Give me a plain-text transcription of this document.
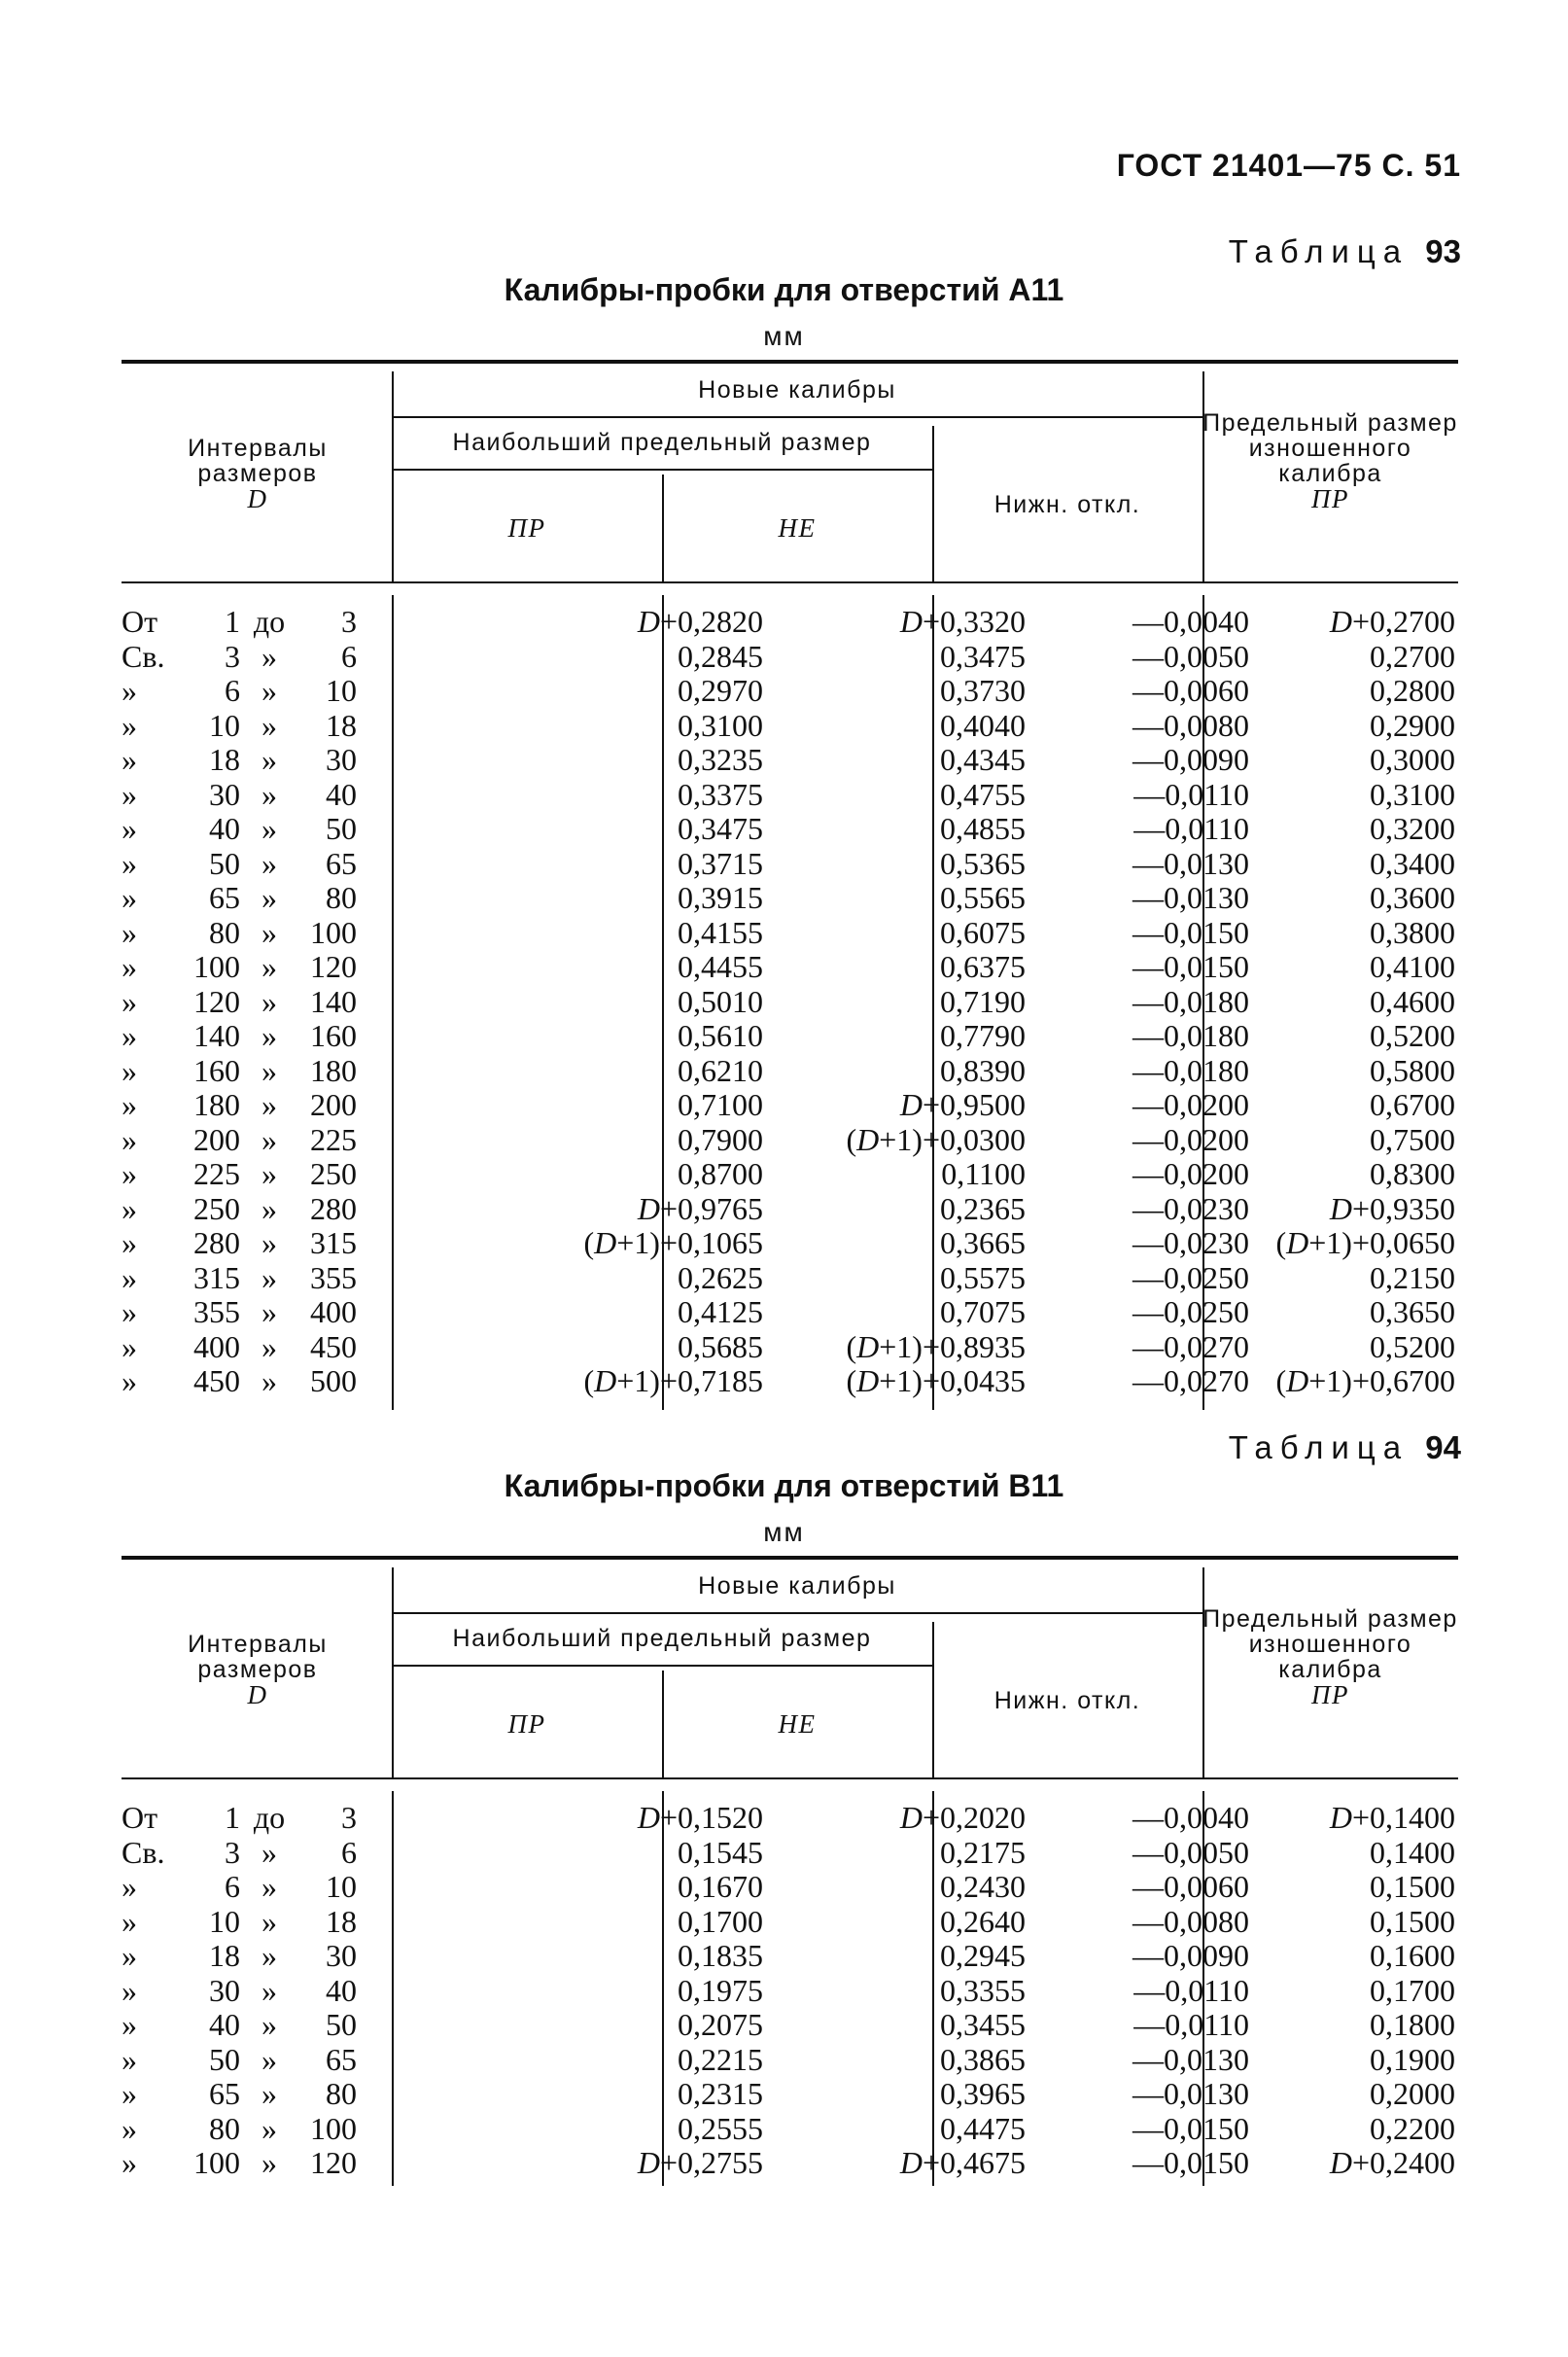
ГОСТ 21401—75 С. 51
Таблица 93
Калибры-пробки для отверстий А11
мм
Интервалы размеров
D
Новые калибры
Наибольший предельный размер
ПР	НЕ
Нижн. откл.
Предельный размер изношенного калибра
ПР
От	1 до	3	D+0,2820	D+0,3320	—0,0040	D+0,2700
Св.	3 »	6	0,2845	0,3475	—0,0050	0,2700
»	6 »	10	0,2970	0,3730	—0,0060	0,2800
»	10 »	18	0,3100	0,4040	—0,0080	0,2900
»	18 »	30	0,3235	0,4345	—0,0090	0,3000
»	30 »	40	0,3375	0,4755	—0,0110	0,3100
»	40 »	50	0,3475	0,4855	—0,0110	0,3200
»	50 »	65	0,3715	0,5365	—0,0130	0,3400
»	65 »	80	0,3915	0,5565	—0,0130	0,3600
»	80 »	100	0,4155	0,6075	—0,0150	0,3800
»	100 »	120	0,4455	0,6375	—0,0150	0,4100
»	120 »	140	0,5010	0,7190	—0,0180	0,4600
»	140 »	160	0,5610	0,7790	—0,0180	0,5200
»	160 »	180	0,6210	0,8390	—0,0180	0,5800
»	180 »	200	0,7100	D+0,9500	—0,0200	0,6700
»	200 »	225	0,7900	(D+1)+0,0300	—0,0200	0,7500
»	225 »	250	0,8700	0,1100	—0,0200	0,8300
»	250 »	280	D+0,9765	0,2365	—0,0230	D+0,9350
»	280 »	315	(D+1)+0,1065	0,3665	—0,0230 (D+1)+0,0650
»	315 »	355	0,2625	0,5575	—0,0250	0,2150
»	355 »	400	0,4125	0,7075	—0,0250	0,3650
»	400 »	450	0,5685	(D+1)+0,8935	—0,0270	0,5200
»	450 »	500	(D+1)+0,7185	(D+1)+0,0435	—0,0270 (D+1)+0,6700
Таблица 94
Калибры-пробки для отверстий В11
мм
Интервалы размеров
D
Новые калибры
Наибольший предельный размер
ПР	НЕ
Нижн. откл.
Предельный размер изношенного калибра
ПР
От	1 до	3	D+0,1520	D+0,2020	—0,0040	D+0,1400
Св.	3 »	6	0,1545	0,2175	—0,0050	0,1400
»	6 »	10	0,1670	0,2430	—0,0060	0,1500
»	10 »	18	0,1700	0,2640	—0,0080	0,1500
»	18 »	30	0,1835	0,2945	—0,0090	0,1600
»	30 »	40	0,1975	0,3355	—0,0110	0,1700
»	40 »	50	0,2075	0,3455	—0,0110	0,1800
»	50 »	65	0,2215	0,3865	—0,0130	0,1900
»	65 »	80	0,2315	0,3965	—0,0130	0,2000
»	80 »	100	0,2555	0,4475	—0,0150	0,2200
»	100 »	120	D+0,2755	D+0,4675	—0,0150	D+0,2400
